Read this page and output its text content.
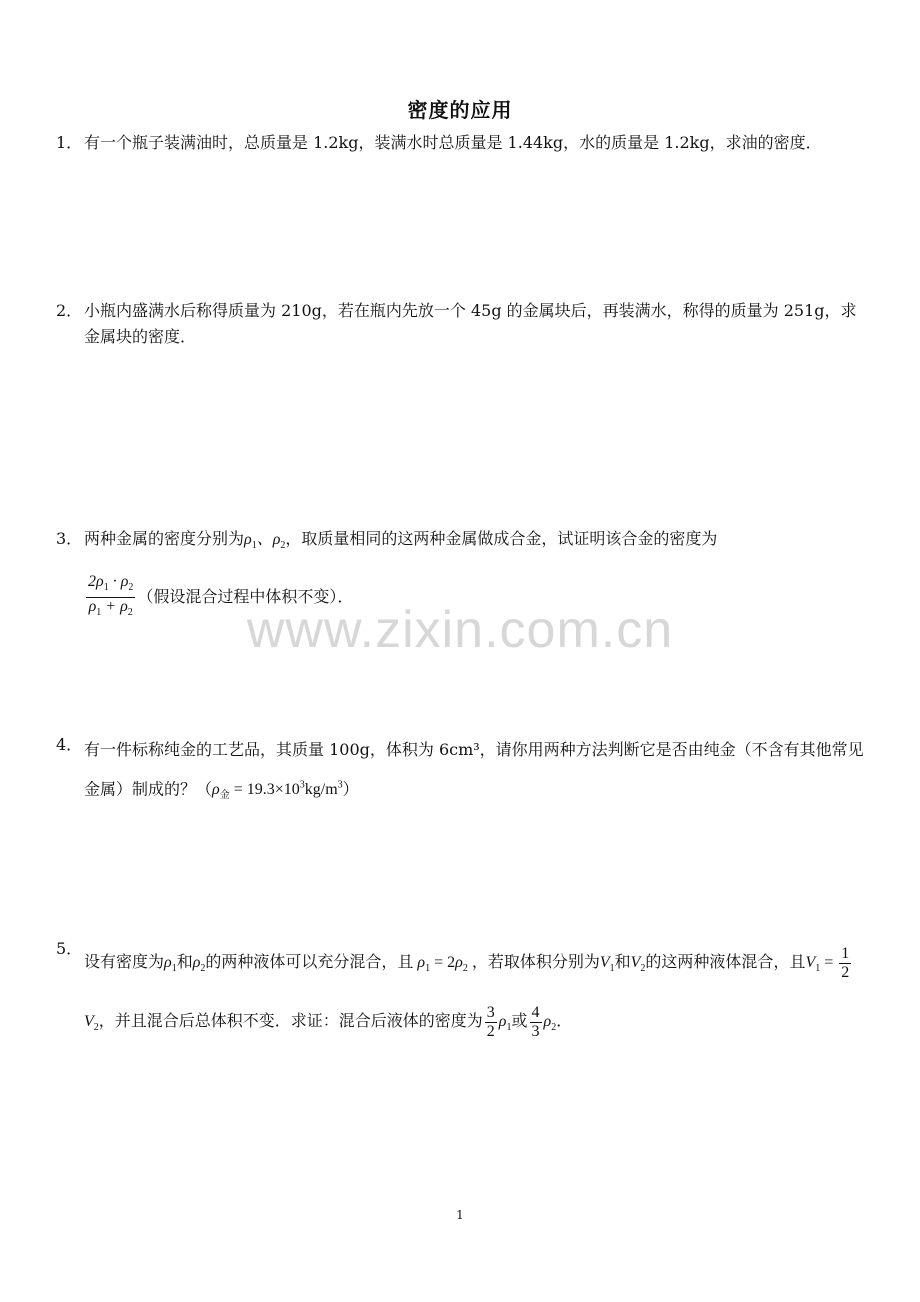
密度的应用
www.zixin.com.cn
1． 有一个瓶子装满油时，总质量是 1.2kg，装满水时总质量是 1.44kg，水的质量是 1.2kg，求油的密度．
2． 小瓶内盛满水后称得质量为 210g，若在瓶内先放一个 45g 的金属块后，再装满水，称得的质量为 251g，求金属块的密度．
3． 两种金属的密度分别为$\rho_1$、$\rho_2$，取质量相同的这两种金属做成合金，试证明该合金的密度为
$\frac{2\rho_1 \cdot \rho_2}{\rho_1 + \rho_2}$ （假设混合过程中体积不变）．
4． 有一件标称纯金的工艺品，其质量 100g，体积为 6cm³，请你用两种方法判断它是否由纯金（不含有其他常见金属）制成的？$(\rho_金 = 19.3\times 10^3kg/m^3)$
5．
设有密度为$\rho_1$和$\rho_2$的两种液体可以充分混合，且 $\rho_1 = 2\rho_2$ ，若取体积分别为$V_1$和$V_2$的这两种液体混合，且$V_1 = \frac{1}{2}$
$V_2$，并且混合后总体积不变．求证：混合后液体的密度为 $\frac{3}{2} \rho_1$或 $\frac{4}{3} \rho_2$．
1
